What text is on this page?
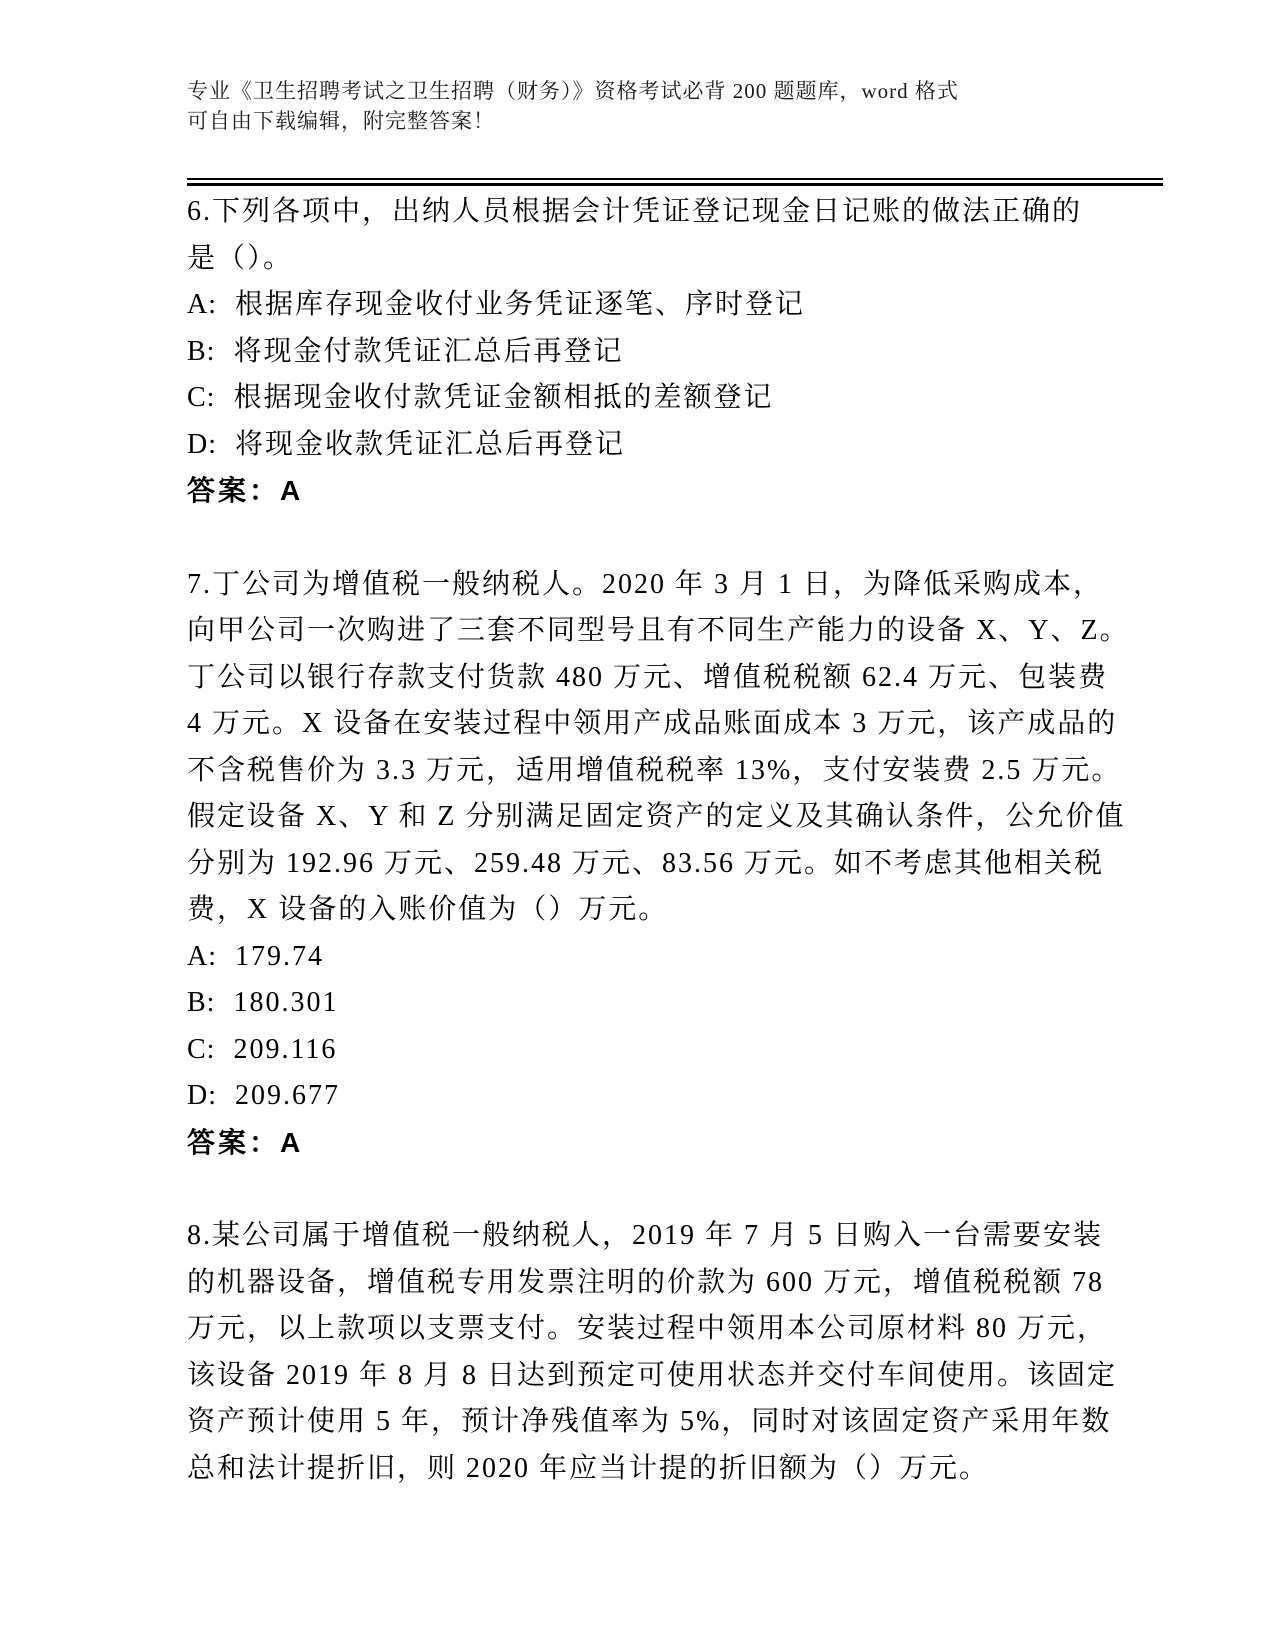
专业《卫生招聘考试之卫生招聘（财务）》资格考试必背 200 题题库，word 格式
可自由下载编辑，附完整答案！
6.下列各项中，出纳人员根据会计凭证登记现金日记账的做法正确的
是（）。
A: 根据库存现金收付业务凭证逐笔、序时登记
B: 将现金付款凭证汇总后再登记
C: 根据现金收付款凭证金额相抵的差额登记
D: 将现金收款凭证汇总后再登记
答案：A
7.丁公司为增值税一般纳税人。2020 年 3 月 1 日，为降低采购成本，
向甲公司一次购进了三套不同型号且有不同生产能力的设备 X、Y、Z。
丁公司以银行存款支付货款 480 万元、增值税税额 62.4 万元、包装费
4 万元。X 设备在安装过程中领用产成品账面成本 3 万元，该产成品的
不含税售价为 3.3 万元，适用增值税税率 13%，支付安装费 2.5 万元。
假定设备 X、Y 和 Z 分别满足固定资产的定义及其确认条件，公允价值
分别为 192.96 万元、259.48 万元、83.56 万元。如不考虑其他相关税
费，X 设备的入账价值为（）万元。
A: 179.74
B: 180.301
C: 209.116
D: 209.677
答案：A
8.某公司属于增值税一般纳税人，2019 年 7 月 5 日购入一台需要安装
的机器设备，增值税专用发票注明的价款为 600 万元，增值税税额 78
万元，以上款项以支票支付。安装过程中领用本公司原材料 80 万元，
该设备 2019 年 8 月 8 日达到预定可使用状态并交付车间使用。该固定
资产预计使用 5 年，预计净残值率为 5%，同时对该固定资产采用年数
总和法计提折旧，则 2020 年应当计提的折旧额为（）万元。
